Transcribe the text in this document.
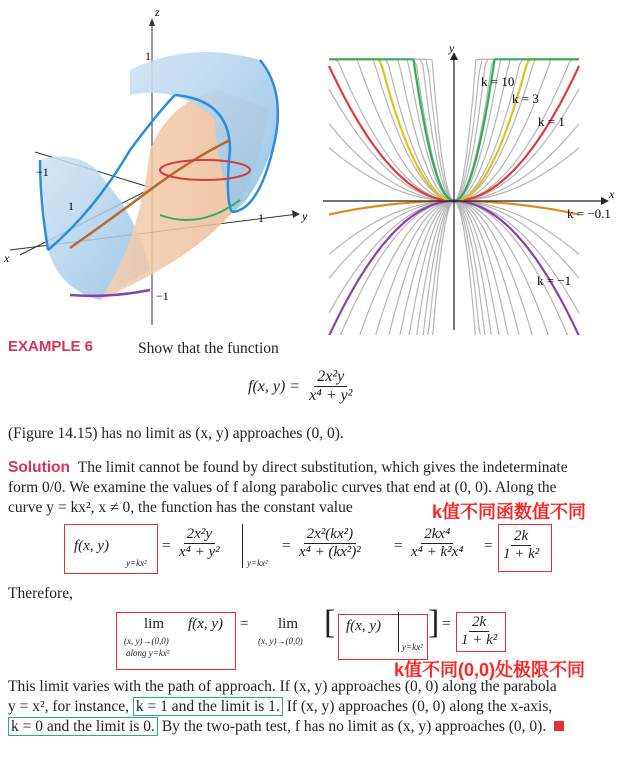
z
y
x
1
−1
1
−1
1
x
y
k = 10
k = 3
k = 1
k = −0.1
k = −1
EXAMPLE 6	Show that the function
f(x, $y) = \frac{\text{2x²y}}{\text{x⁴ + y²}}$
(Figure 14.15) has no limit as (x, y) approaches (0, 0).
Solution The limit cannot be found by direct substitution, which gives the indeterminate
form 0/0. We examine the values of f along parabolic curves that end at (0, 0). Along the
curve y = kx², x ≠ 0, the function has the constant value	k值不同函数值不同
f(x, y)
y=kx²
= $\frac{\text{2x²y}}{\text{x⁴ + y²}}$
y=kx²
= $\frac{\text{2x²(kx²)}}{\text{x⁴ + (kx²)²}} = \frac{\text{2kx⁴}}{\text{x⁴ + k²x⁴}} = \frac{2k}{\text{1 + k²}}$
Therefore,
lim
(x, y)→(0,0)
along y=kx²
f(x, y) = lim
(x, y)→(0,0) [ f(x, y)
y=kx²
] = $\frac{2k}{\text{1 + k²}}$
k值不同(0,0)处极限不同
This limit varies with the path of approach. If (x, y) approaches (0, 0) along the parabola
y = x², for instance, k = 1 and the limit is 1. If (x, y) approaches (0, 0) along the x-axis,
k = 0 and the limit is 0. By the two-path test, f has no limit as (x, y) approaches (0, 0).
